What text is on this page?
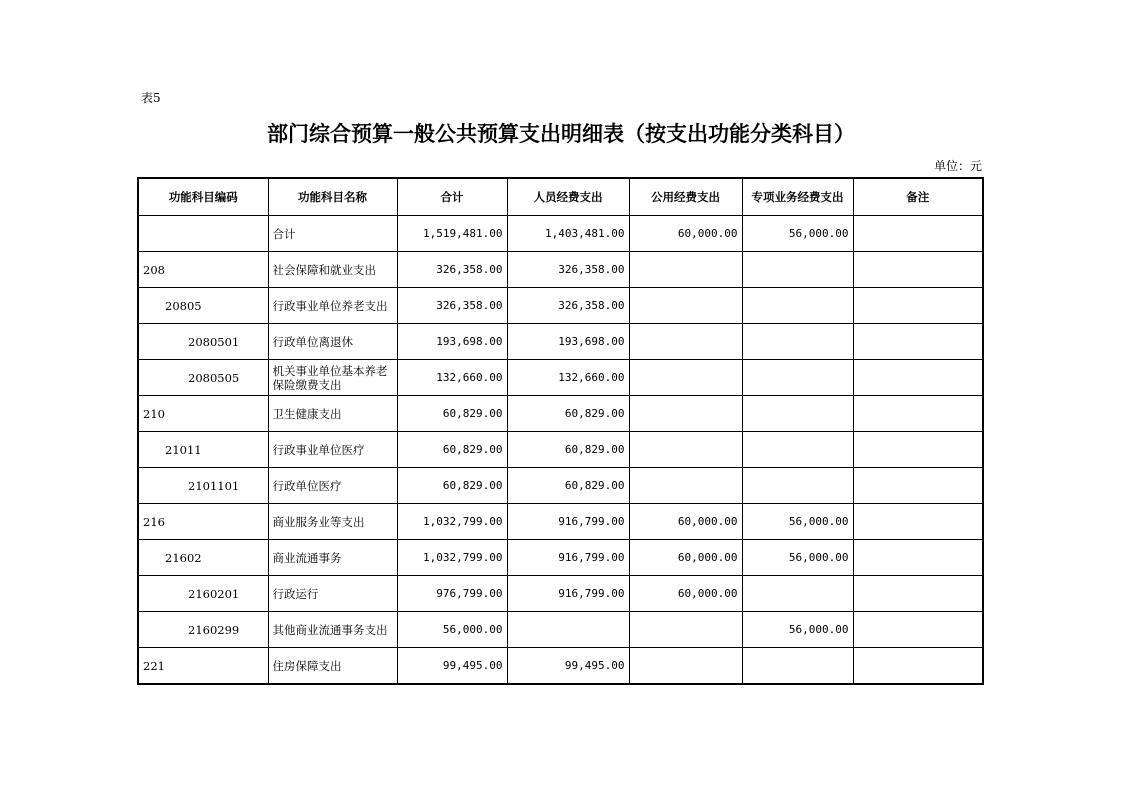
表5
部门综合预算一般公共预算支出明细表（按支出功能分类科目）
单位：元
功能科目编码	功能科目名称	合计	人员经费支出	公用经费支出	专项业务经费支出	备注
	合计	1,519,481.00	1,403,481.00	60,000.00	56,000.00	
208	社会保障和就业支出	326,358.00	326,358.00			
20805	行政事业单位养老支出	326,358.00	326,358.00			
2080501	行政单位离退休	193,698.00	193,698.00			
2080505	机关事业单位基本养老保险缴费支出	132,660.00	132,660.00			
210	卫生健康支出	60,829.00	60,829.00			
21011	行政事业单位医疗	60,829.00	60,829.00			
2101101	行政单位医疗	60,829.00	60,829.00			
216	商业服务业等支出	1,032,799.00	916,799.00	60,000.00	56,000.00	
21602	商业流通事务	1,032,799.00	916,799.00	60,000.00	56,000.00	
2160201	行政运行	976,799.00	916,799.00	60,000.00		
2160299	其他商业流通事务支出	56,000.00			56,000.00	
221	住房保障支出	99,495.00	99,495.00			
